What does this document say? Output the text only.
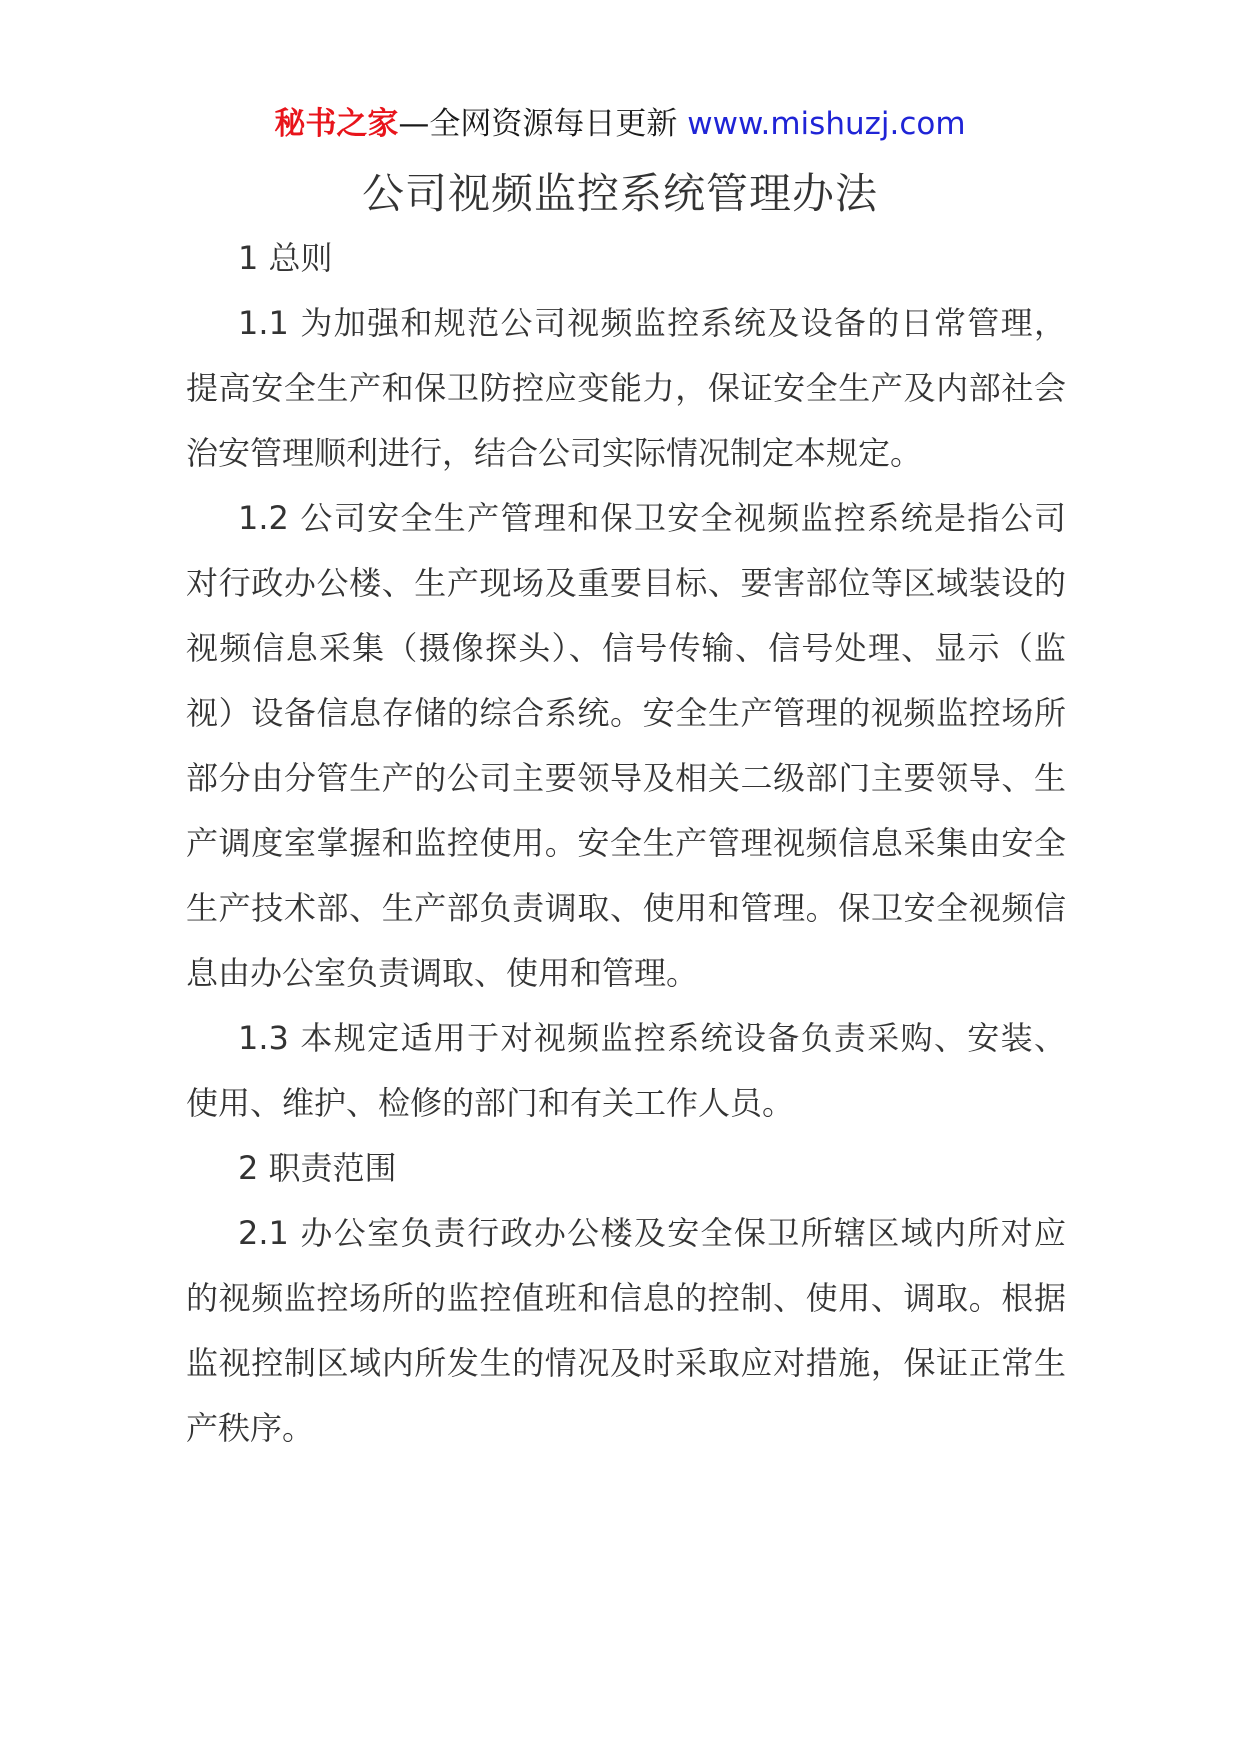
秘书之家—全网资源每日更新 www.mishuzj.com
公司视频监控系统管理办法

1 总则

1.1 为加强和规范公司视频监控系统及设备的日常管理，提高安全生产和保卫防控应变能力，保证安全生产及内部社会治安管理顺利进行，结合公司实际情况制定本规定。

1.2 公司安全生产管理和保卫安全视频监控系统是指公司对行政办公楼、生产现场及重要目标、要害部位等区域装设的视频信息采集（摄像探头）、信号传输、信号处理、显示（监视）设备信息存储的综合系统。安全生产管理的视频监控场所部分由分管生产的公司主要领导及相关二级部门主要领导、生产调度室掌握和监控使用。安全生产管理视频信息采集由安全生产技术部、生产部负责调取、使用和管理。保卫安全视频信息由办公室负责调取、使用和管理。

1.3 本规定适用于对视频监控系统设备负责采购、安装、使用、维护、检修的部门和有关工作人员。

2 职责范围

2.1 办公室负责行政办公楼及安全保卫所辖区域内所对应的视频监控场所的监控值班和信息的控制、使用、调取。根据监视控制区域内所发生的情况及时采取应对措施，保证正常生产秩序。
